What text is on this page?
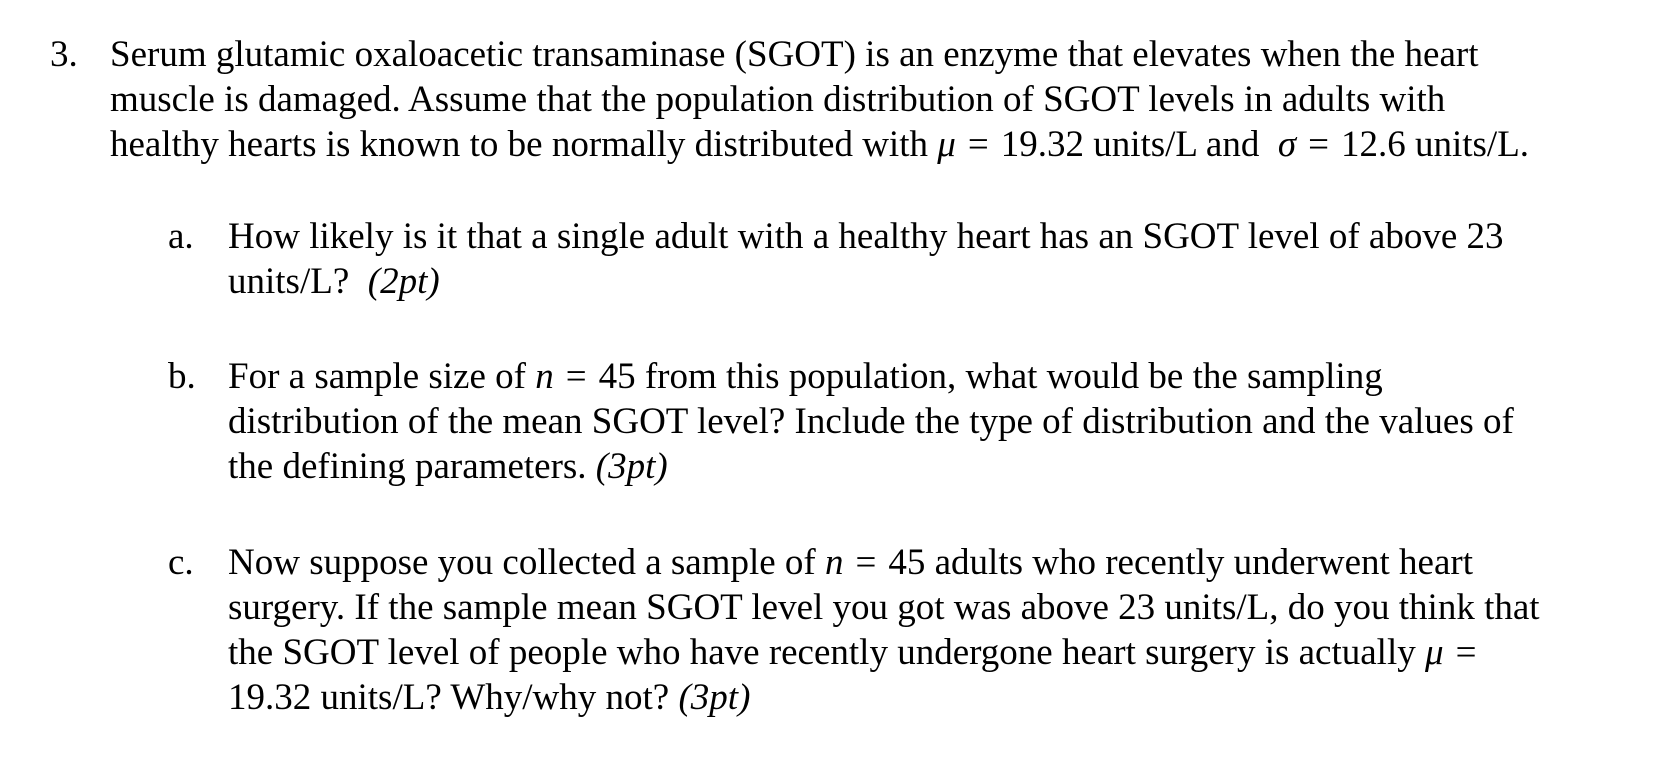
3. Serum glutamic oxaloacetic transaminase (SGOT) is an enzyme that elevates when the heart
muscle is damaged. Assume that the population distribution of SGOT levels in adults with
healthy hearts is known to be normally distributed with μ = 19.32 units/L and σ = 12.6 units/L.
a. How likely is it that a single adult with a healthy heart has an SGOT level of above 23
units/L? (2pt)
b. For a sample size of n = 45 from this population, what would be the sampling
distribution of the mean SGOT level? Include the type of distribution and the values of
the defining parameters. (3pt)
c. Now suppose you collected a sample of n = 45 adults who recently underwent heart
surgery. If the sample mean SGOT level you got was above 23 units/L, do you think that
the SGOT level of people who have recently undergone heart surgery is actually μ =
19.32 units/L? Why/why not? (3pt)
